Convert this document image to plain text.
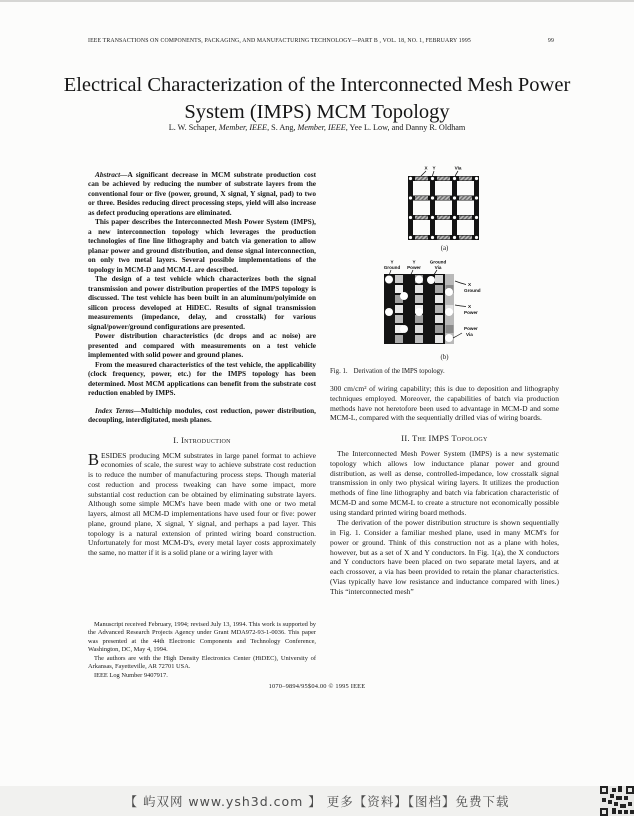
IEEE TRANSACTIONS ON COMPONENTS, PACKAGING, AND MANUFACTURING TECHNOLOGY—PART B , VOL. 18, NO. 1, FEBRUARY 1995	99
Electrical Characterization of the Interconnected Mesh Power System (IMPS) MCM Topology
L. W. Schaper, Member, IEEE, S. Ang, Member, IEEE, Yee L. Low, and Danny R. Oldham

Abstract—A significant decrease in MCM substrate production cost can be achieved by reducing the number of substrate layers from the conventional four or five (power, ground, X signal, Y signal, pad) to two or three. Besides reducing direct processing steps, yield will also increase as defect producing operations are eliminated.

This paper describes the Interconnected Mesh Power System (IMPS), a new interconnection topology which leverages the production technologies of fine line lithography and batch via generation to allow planar power and ground distribution, and dense signal interconnection, on only two metal layers. Several possible implementations of the topology in MCM-D and MCM-L are described.

The design of a test vehicle which characterizes both the signal transmission and power distribution properties of the IMPS topology is discussed. The test vehicle has been built in an aluminum/polyimide on silicon process developed at HiDEC. Results of signal transmission measurements (impedance, delay, and crosstalk) for various signal/power/ground configurations are presented.

Power distribution characteristics (dc drops and ac noise) are presented and compared with measurements on a test vehicle implemented with solid power and ground planes.

From the measured characteristics of the test vehicle, the applicability (clock frequency, power, etc.) for the IMPS topology has been determined. Most MCM applications can benefit from the substrate cost reduction enabled by IMPS.

Index Terms—Multichip modules, cost reduction, power distribution, decoupling, interdigitated, mesh planes.

I. Introduction

BESIDES producing MCM substrates in large panel format to achieve economies of scale, the surest way to achieve substrate cost reduction is to reduce the number of manufacturing process steps. Though material cost reduction and process tweaking can have some impact, more substantial cost reduction can be obtained by eliminating substrate layers. Although some simple MCM's have been made with one or two metal layers, almost all MCM-D implementations have used four or five: power plane, ground plane, X signal, Y signal, and perhaps a pad layer. This topology is a natural extension of printed wiring board construction. Unfortunately for most MCM-D's, every metal layer costs approximately the same, no matter if it is a solid plane or a wiring layer with

Manuscript received February, 1994; revised July 13, 1994. This work is supported by the Advanced Research Projects Agency under Grant MDA972-93-1-0036. This paper was presented at the 44th Electronic Components and Technology Conference, Washington, DC, May 4, 1994.

The authors are with the High Density Electronics Center (HiDEC), University of Arkansas, Fayetteville, AR 72701 USA.

IEEE Log Number 9407917.

1070–9894/95$04.00 © 1995 IEEE
X Y	Via
(a)
Y
Ground
Y
Power
Ground
Via
X
Ground
X
Power
Power
Via
(b)
Fig. 1. Derivation of the IMPS topology.

300 cm/cm² of wiring capability; this is due to deposition and lithography techniques employed. Moreover, the capabilities of batch via production methods have not heretofore been used to advantage in MCM-D and some MCM-L, compared with the sequentially drilled vias of wiring boards.

II. The IMPS Topology

The Interconnected Mesh Power System (IMPS) is a new systematic topology which allows low inductance planar power and ground distribution, as well as dense, controlled-impedance, low crosstalk signal transmission in only two physical wiring layers. It utilizes the production methods of fine line lithography and batch via fabrication characteristic of MCM-D and some MCM-L to create a structure not economically possible using standard printed wiring board methods.

The derivation of the power distribution structure is shown sequentially in Fig. 1. Consider a familiar meshed plane, used in many MCM's for power or ground. Think of this construction not as a plane with holes, however, but as a set of X and Y conductors. In Fig. 1(a), the X conductors and Y conductors have been placed on two separate metal layers, and at each crossover, a via has been provided to retain the planar characteristics. (Vias typically have low resistance and inductance compared with lines.) This “interconnected mesh”

【 屿双网 www.ysh3d.com 】 更多【资料】【图档】免费下载
